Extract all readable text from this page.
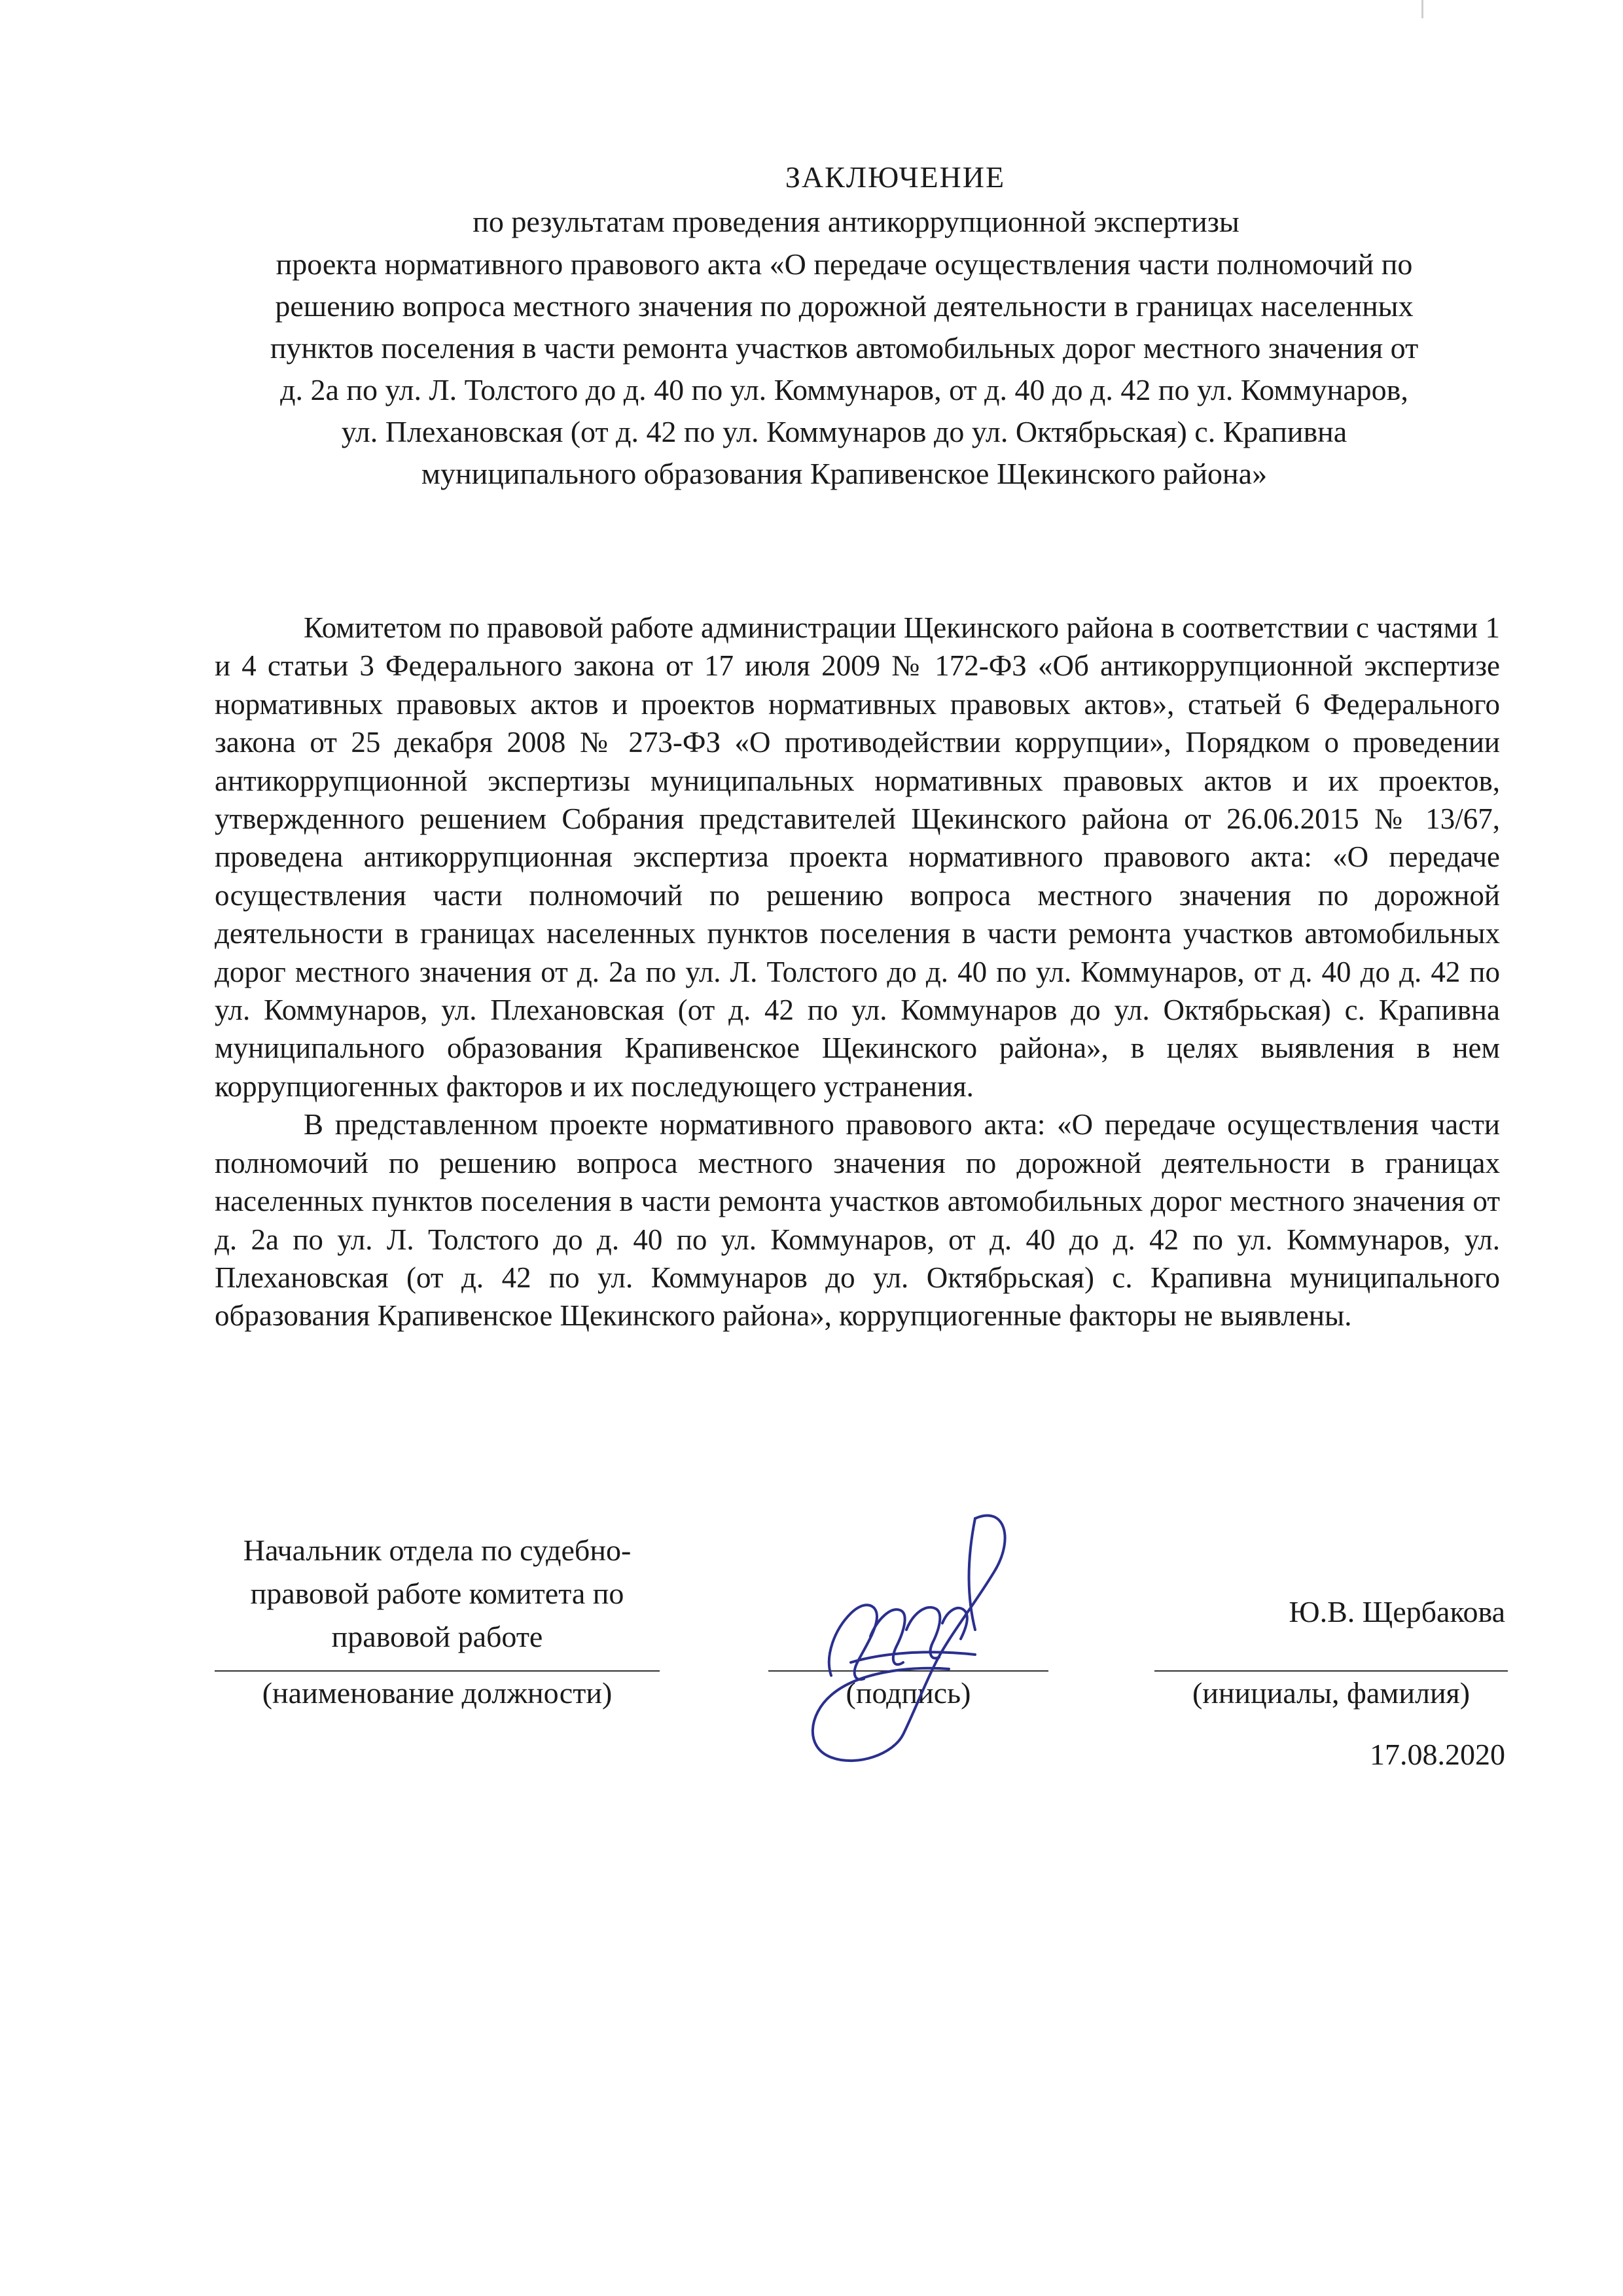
ЗАКЛЮЧЕНИЕ
по результатам проведения антикоррупционной экспертизы
проекта нормативного правового акта «О передаче осуществления части полномочий по
решению вопроса местного значения по дорожной деятельности в границах населенных
пунктов поселения в части ремонта участков автомобильных дорог местного значения от
д. 2а по ул. Л. Толстого до д. 40 по ул. Коммунаров, от д. 40 до д. 42 по ул. Коммунаров,
ул. Плехановская (от д. 42 по ул. Коммунаров до ул. Октябрьская) с. Крапивна
муниципального образования Крапивенское Щекинского района»

Комитетом по правовой работе администрации Щекинского района в соответствии с частями 1 и 4 статьи 3 Федерального закона от 17 июля 2009 № 172-ФЗ «Об антикоррупционной экспертизе нормативных правовых актов и проектов нормативных правовых актов», статьей 6 Федерального закона от 25 декабря 2008 № 273-ФЗ «О противодействии коррупции», Порядком о проведении антикоррупционной экспертизы муниципальных нормативных правовых актов и их проектов, утвержденного решением Собрания представителей Щекинского района от 26.06.2015 № 13/67, проведена антикоррупционная экспертиза проекта нормативного правового акта: «О передаче осуществления части полномочий по решению вопроса местного значения по дорожной деятельности в границах населенных пунктов поселения в части ремонта участков автомобильных дорог местного значения от д. 2а по ул. Л. Толстого до д. 40 по ул. Коммунаров, от д. 40 до д. 42 по ул. Коммунаров, ул. Плехановская (от д. 42 по ул. Коммунаров до ул. Октябрьская) с. Крапивна муниципального образования Крапивенское Щекинского района», в целях выявления в нем коррупциогенных факторов и их последующего устранения.

В представленном проекте нормативного правового акта: «О передаче осуществления части полномочий по решению вопроса местного значения по дорожной деятельности в границах населенных пунктов поселения в части ремонта участков автомобильных дорог местного значения от д. 2а по ул. Л. Толстого до д. 40 по ул. Коммунаров, от д. 40 до д. 42 по ул. Коммунаров, ул. Плехановская (от д. 42 по ул. Коммунаров до ул. Октябрьская) с. Крапивна муниципального образования Крапивенское Щекинского района», коррупциогенные факторы не выявлены.

Начальник отдела по судебно-
правовой работе комитета по
правовой работе
Ю.В. Щербакова
(наименование должности)	(подпись)	(инициалы, фамилия)
17.08.2020
